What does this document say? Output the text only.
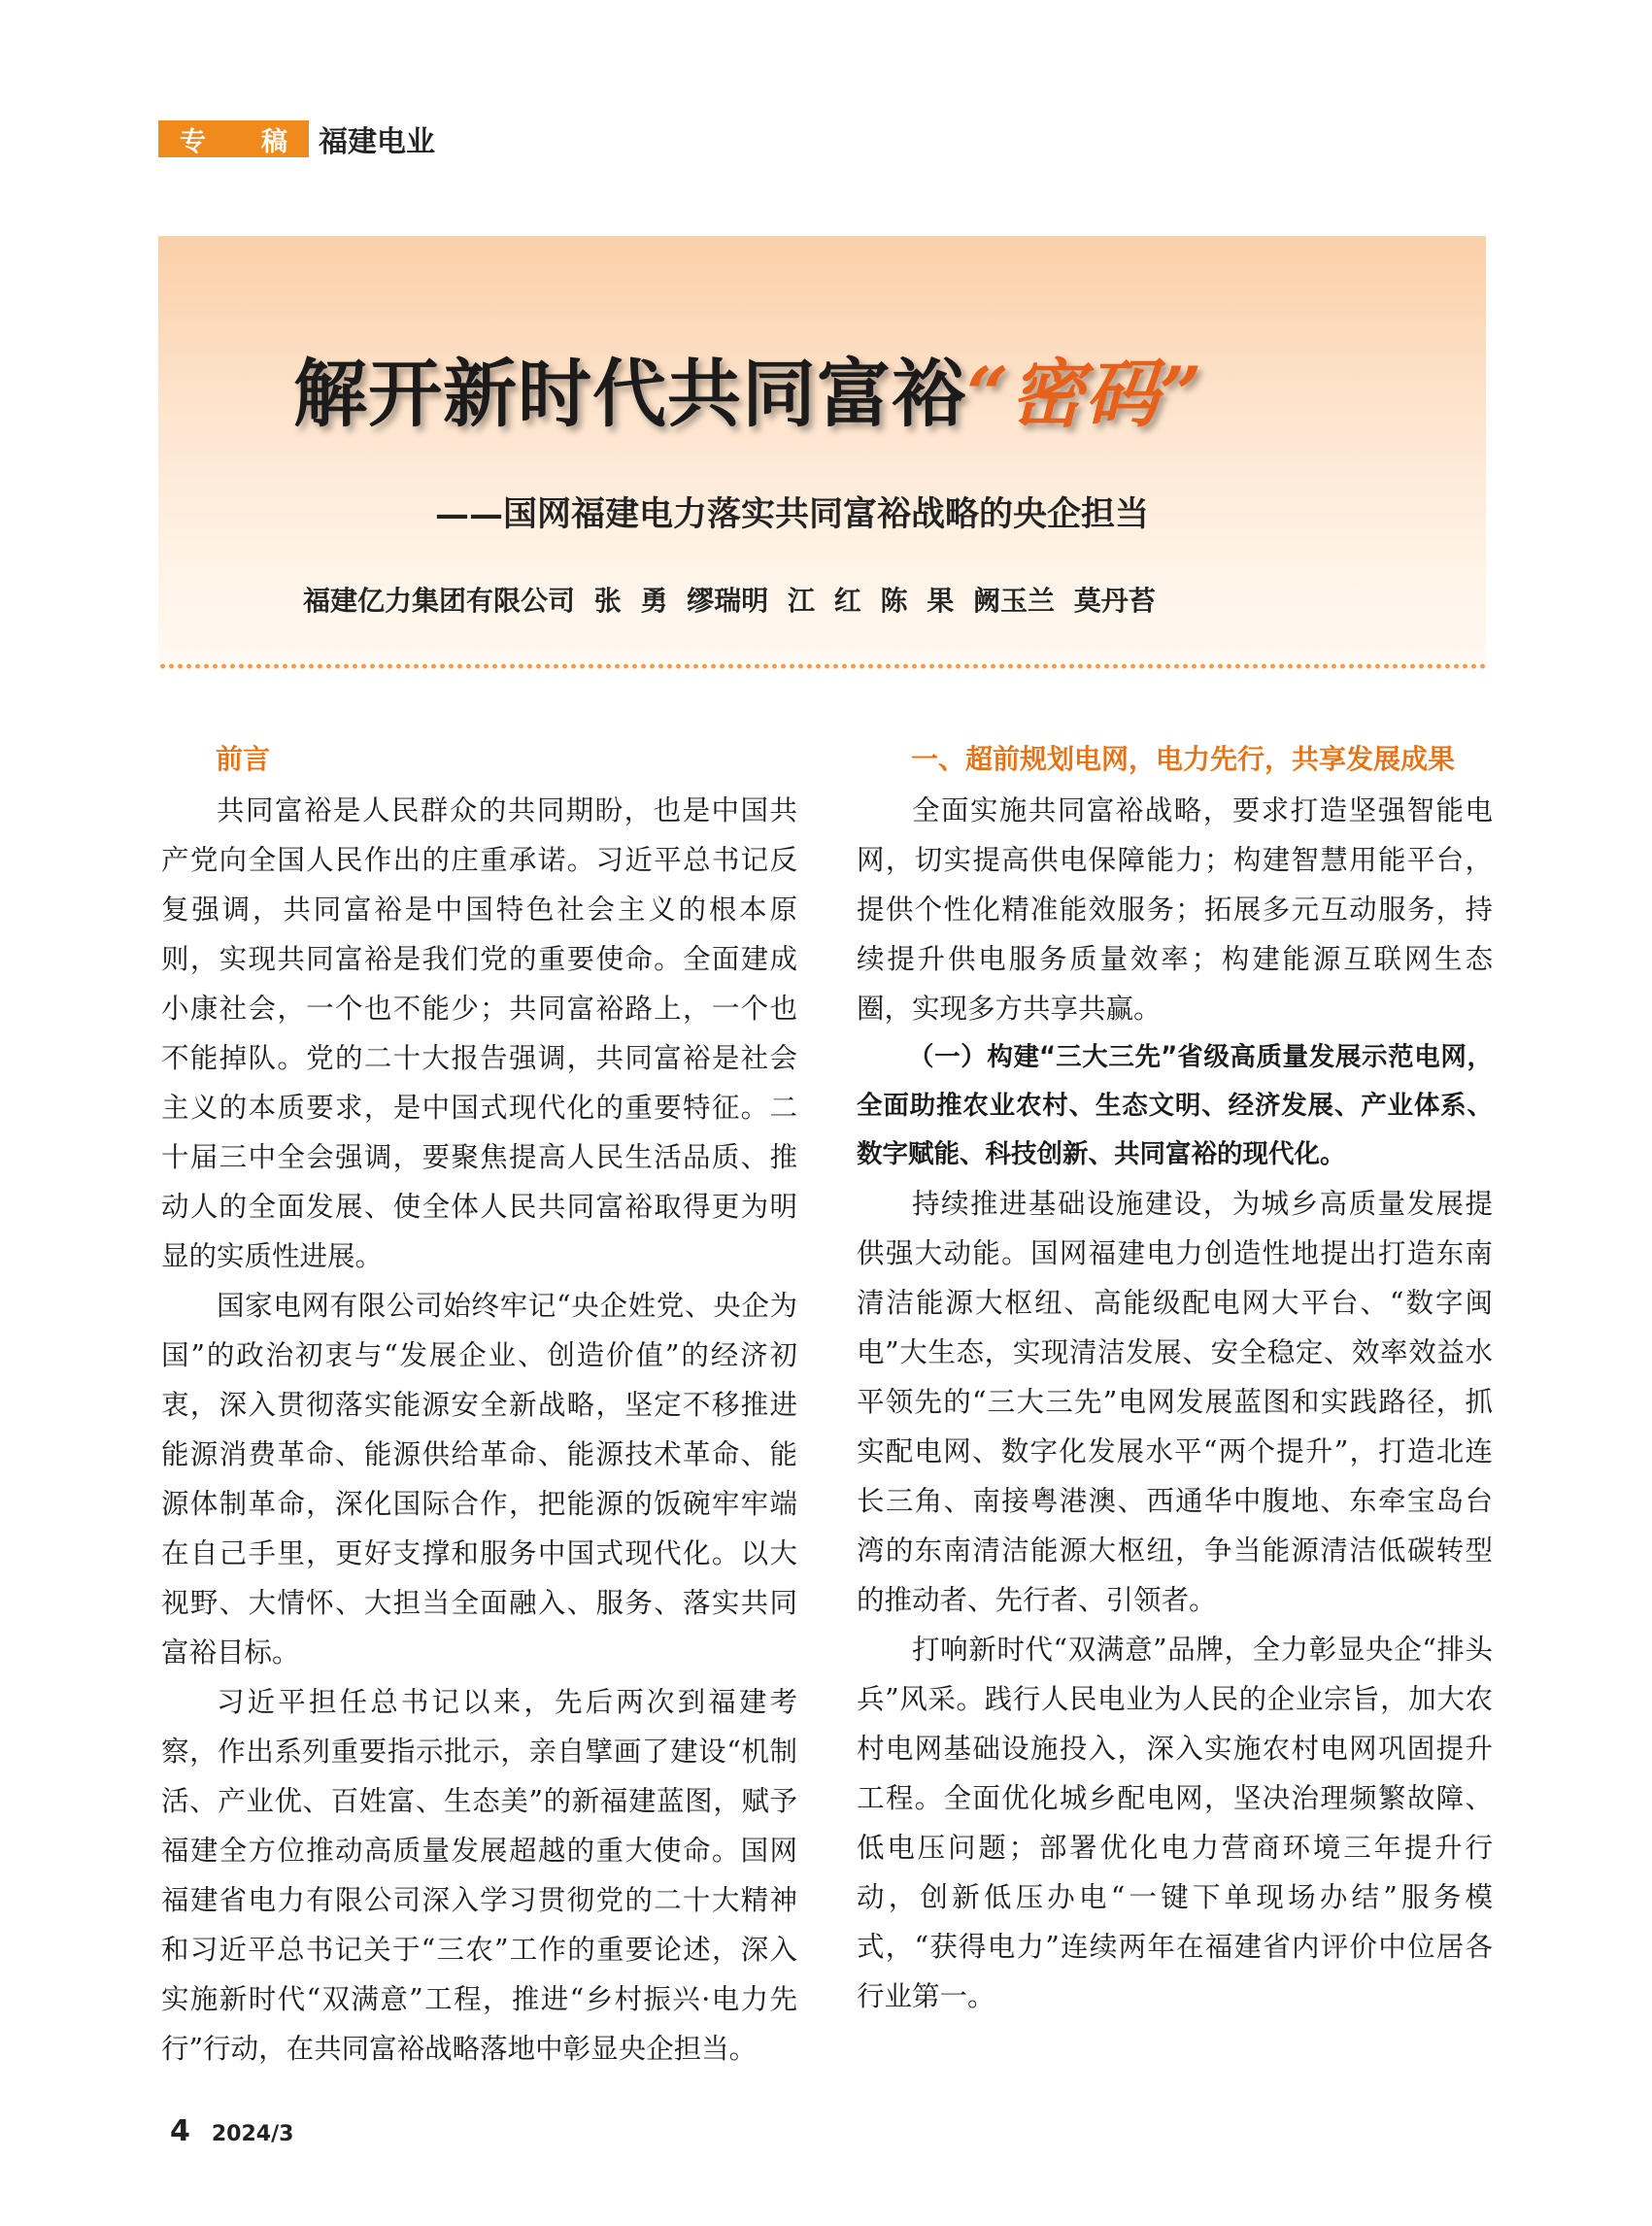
专 稿 福建电业
解开新时代共同富裕“密码”
——国网福建电力落实共同富裕战略的央企担当
福建亿力集团有限公司 张 勇 缪瑞明 江 红 陈 果 阙玉兰 莫丹苔
前言

共同富裕是人民群众的共同期盼，也是中国共产党向全国人民作出的庄重承诺。习近平总书记反复强调，共同富裕是中国特色社会主义的根本原则，实现共同富裕是我们党的重要使命。全面建成小康社会，一个也不能少；共同富裕路上，一个也不能掉队。党的二十大报告强调，共同富裕是社会主义的本质要求，是中国式现代化的重要特征。二十届三中全会强调，要聚焦提高人民生活品质、推动人的全面发展、使全体人民共同富裕取得更为明显的实质性进展。

国家电网有限公司始终牢记“央企姓党、央企为国”的政治初衷与“发展企业、创造价值”的经济初衷，深入贯彻落实能源安全新战略，坚定不移推进能源消费革命、能源供给革命、能源技术革命、能源体制革命，深化国际合作，把能源的饭碗牢牢端在自己手里，更好支撑和服务中国式现代化。以大视野、大情怀、大担当全面融入、服务、落实共同富裕目标。

习近平担任总书记以来，先后两次到福建考察，作出系列重要指示批示，亲自擘画了建设“机制活、产业优、百姓富、生态美”的新福建蓝图，赋予福建全方位推动高质量发展超越的重大使命。国网福建省电力有限公司深入学习贯彻党的二十大精神和习近平总书记关于“三农”工作的重要论述，深入实施新时代“双满意”工程，推进“乡村振兴·电力先行”行动，在共同富裕战略落地中彰显央企担当。

一、超前规划电网，电力先行，共享发展成果

全面实施共同富裕战略，要求打造坚强智能电网，切实提高供电保障能力；构建智慧用能平台，提供个性化精准能效服务；拓展多元互动服务，持续提升供电服务质量效率；构建能源互联网生态圈，实现多方共享共赢。

（一）构建“三大三先”省级高质量发展示范电网，全面助推农业农村、生态文明、经济发展、产业体系、数字赋能、科技创新、共同富裕的现代化。

持续推进基础设施建设，为城乡高质量发展提供强大动能。国网福建电力创造性地提出打造东南清洁能源大枢纽、高能级配电网大平台、“数字闽电”大生态，实现清洁发展、安全稳定、效率效益水平领先的“三大三先”电网发展蓝图和实践路径，抓实配电网、数字化发展水平“两个提升”，打造北连长三角、南接粤港澳、西通华中腹地、东牵宝岛台湾的东南清洁能源大枢纽，争当能源清洁低碳转型的推动者、先行者、引领者。

打响新时代“双满意”品牌，全力彰显央企“排头兵”风采。践行人民电业为人民的企业宗旨，加大农村电网基础设施投入，深入实施农村电网巩固提升工程。全面优化城乡配电网，坚决治理频繁故障、低电压问题；部署优化电力营商环境三年提升行动，创新低压办电“一键下单现场办结”服务模式，“获得电力”连续两年在福建省内评价中位居各行业第一。

4 2024/3
